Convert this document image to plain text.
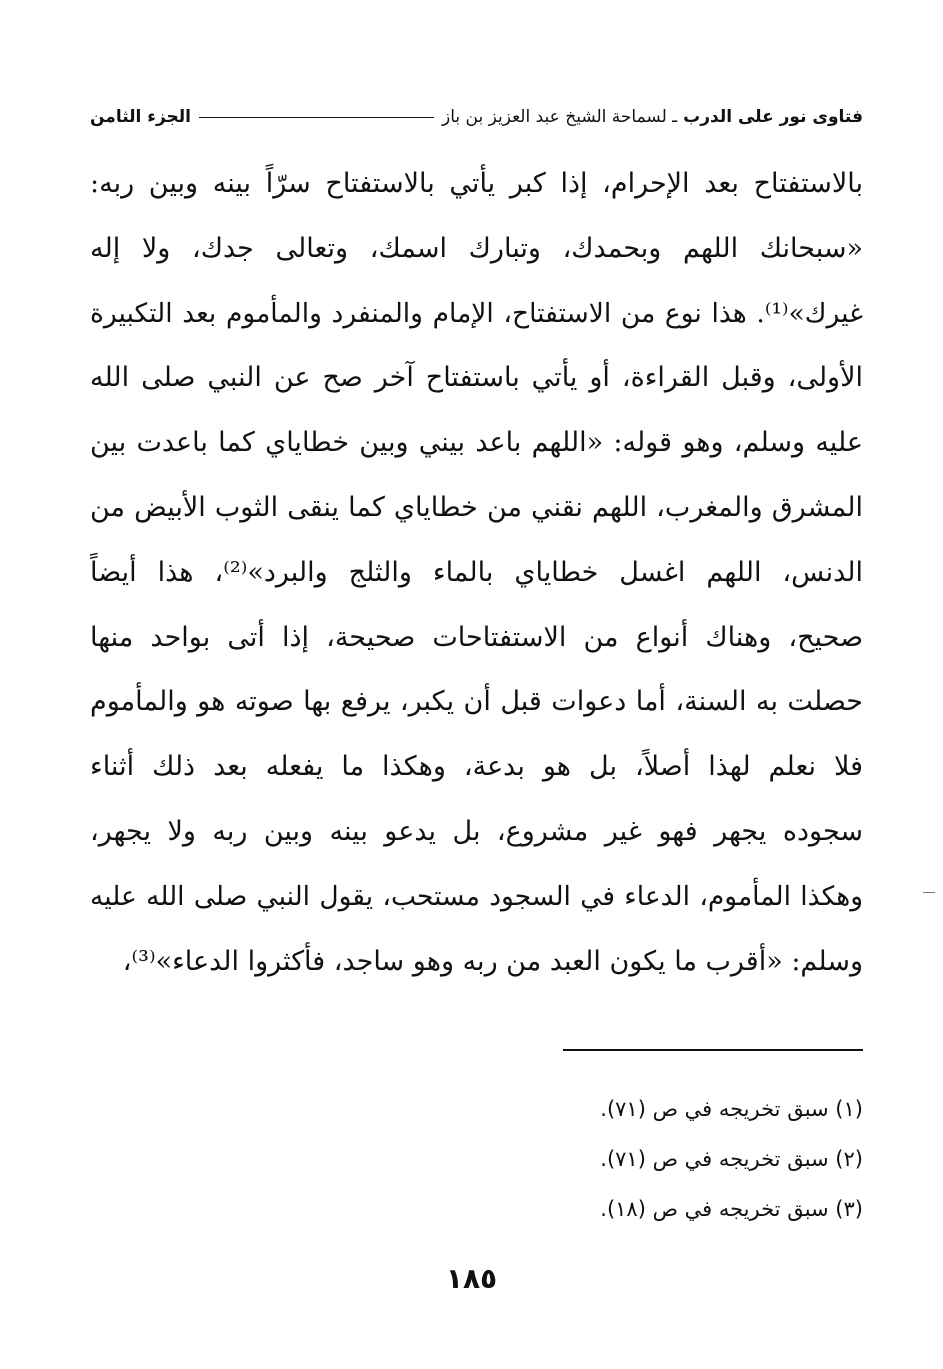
فتاوى نور على الدرب
ـ لسماحة الشيخ عبد العزيز بن باز
الجزء الثامن
بالاستفتاح بعد الإحرام، إذا كبر يأتي بالاستفتاح سرّاً بينه وبين ربه:
«سبحانك اللهم وبحمدك، وتبارك اسمك، وتعالى جدك، ولا إله
غيرك»⁽¹⁾. هذا نوع من الاستفتاح، الإمام والمنفرد والمأموم بعد التكبيرة
الأولى، وقبل القراءة، أو يأتي باستفتاح آخر صح عن النبي صلى الله
عليه وسلم، وهو قوله: «اللهم باعد بيني وبين خطاياي كما باعدت بين
المشرق والمغرب، اللهم نقني من خطاياي كما ينقى الثوب الأبيض من
الدنس، اللهم اغسل خطاياي بالماء والثلج والبرد»⁽²⁾، هذا أيضاً
صحيح، وهناك أنواع من الاستفتاحات صحيحة، إذا أتى بواحد منها
حصلت به السنة، أما دعوات قبل أن يكبر، يرفع بها صوته هو والمأموم
فلا نعلم لهذا أصلاً، بل هو بدعة، وهكذا ما يفعله بعد ذلك أثناء
سجوده يجهر فهو غير مشروع، بل يدعو بينه وبين ربه ولا يجهر،
وهكذا المأموم، الدعاء في السجود مستحب، يقول النبي صلى الله عليه
وسلم: «أقرب ما يكون العبد من ربه وهو ساجد، فأكثروا الدعاء»⁽³⁾،
(١) سبق تخريجه في ص (٧١).
(٢) سبق تخريجه في ص (٧١).
(٣) سبق تخريجه في ص (١٨).
١٨٥
